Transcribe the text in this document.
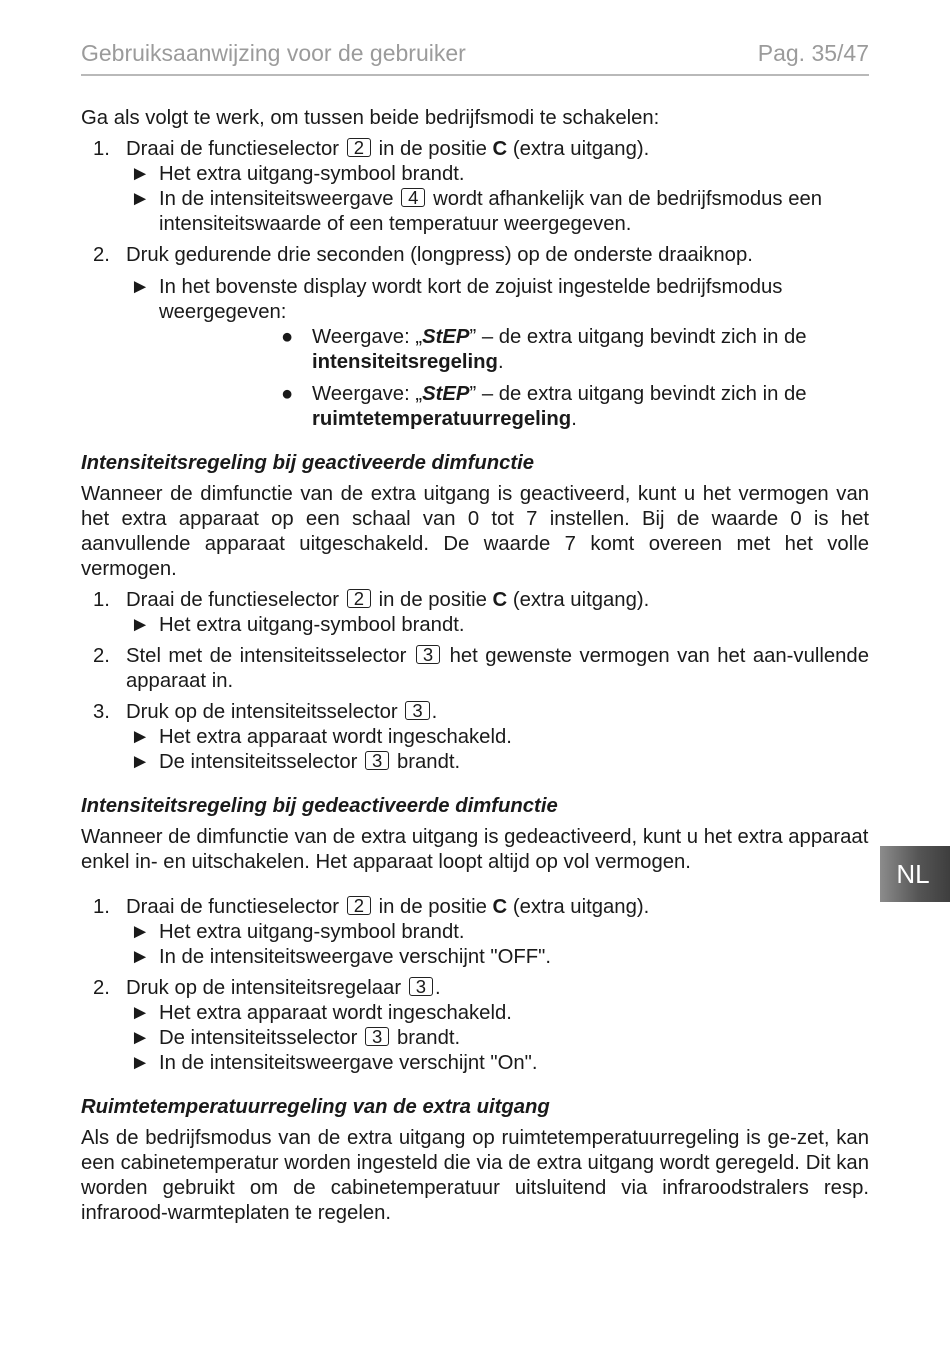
Gebruiksaanwijzing voor de gebruiker	Pag. 35/47
NL

Ga als volgt te werk, om tussen beide bedrijfsmodi te schakelen:

1. Draai de functieselector 2 in de positie C (extra uitgang).
► Het extra uitgang-symbool brandt.
► In de intensiteitsweergave 4 wordt afhankelijk van de bedrijfsmodus een intensiteitswaarde of een temperatuur weergegeven.
2. Druk gedurende drie seconden (longpress) op de onderste draaiknop.
► In het bovenste display wordt kort de zojuist ingestelde bedrijfsmodus weergegeven:
● Weergave: „StEP” – de extra uitgang bevindt zich in de intensiteitsregeling.
● Weergave: „StEP” – de extra uitgang bevindt zich in de ruimtetemperatuurregeling.

Intensiteitsregeling bij geactiveerde dimfunctie

Wanneer de dimfunctie van de extra uitgang is geactiveerd, kunt u het vermogen van het extra apparaat op een schaal van 0 tot 7 instellen. Bij de waarde 0 is het aanvullende apparaat uitgeschakeld. De waarde 7 komt overeen met het volle vermogen.

1. Draai de functieselector 2 in de positie C (extra uitgang).
► Het extra uitgang-symbool brandt.
2. Stel met de intensiteitsselector 3 het gewenste vermogen van het aan-vullende apparaat in.
3. Druk op de intensiteitsselector 3 .
► Het extra apparaat wordt ingeschakeld.
► De intensiteitsselector 3 brandt.

Intensiteitsregeling bij gedeactiveerde dimfunctie

Wanneer de dimfunctie van de extra uitgang is gedeactiveerd, kunt u het extra apparaat enkel in- en uitschakelen. Het apparaat loopt altijd op vol vermogen.

1. Draai de functieselector 2 in de positie C (extra uitgang).
► Het extra uitgang-symbool brandt.
► In de intensiteitsweergave verschijnt "OFF".
2. Druk op de intensiteitsregelaar 3 .
► Het extra apparaat wordt ingeschakeld.
► De intensiteitsselector 3 brandt.
► In de intensiteitsweergave verschijnt "On".

Ruimtetemperatuurregeling van de extra uitgang

Als de bedrijfsmodus van de extra uitgang op ruimtetemperatuurregeling is ge-zet, kan een cabinetemperatur worden ingesteld die via de extra uitgang wordt geregeld. Dit kan worden gebruikt om de cabinetemperatuur uitsluitend via infraroodstralers resp. infrarood-warmteplaten te regelen.
